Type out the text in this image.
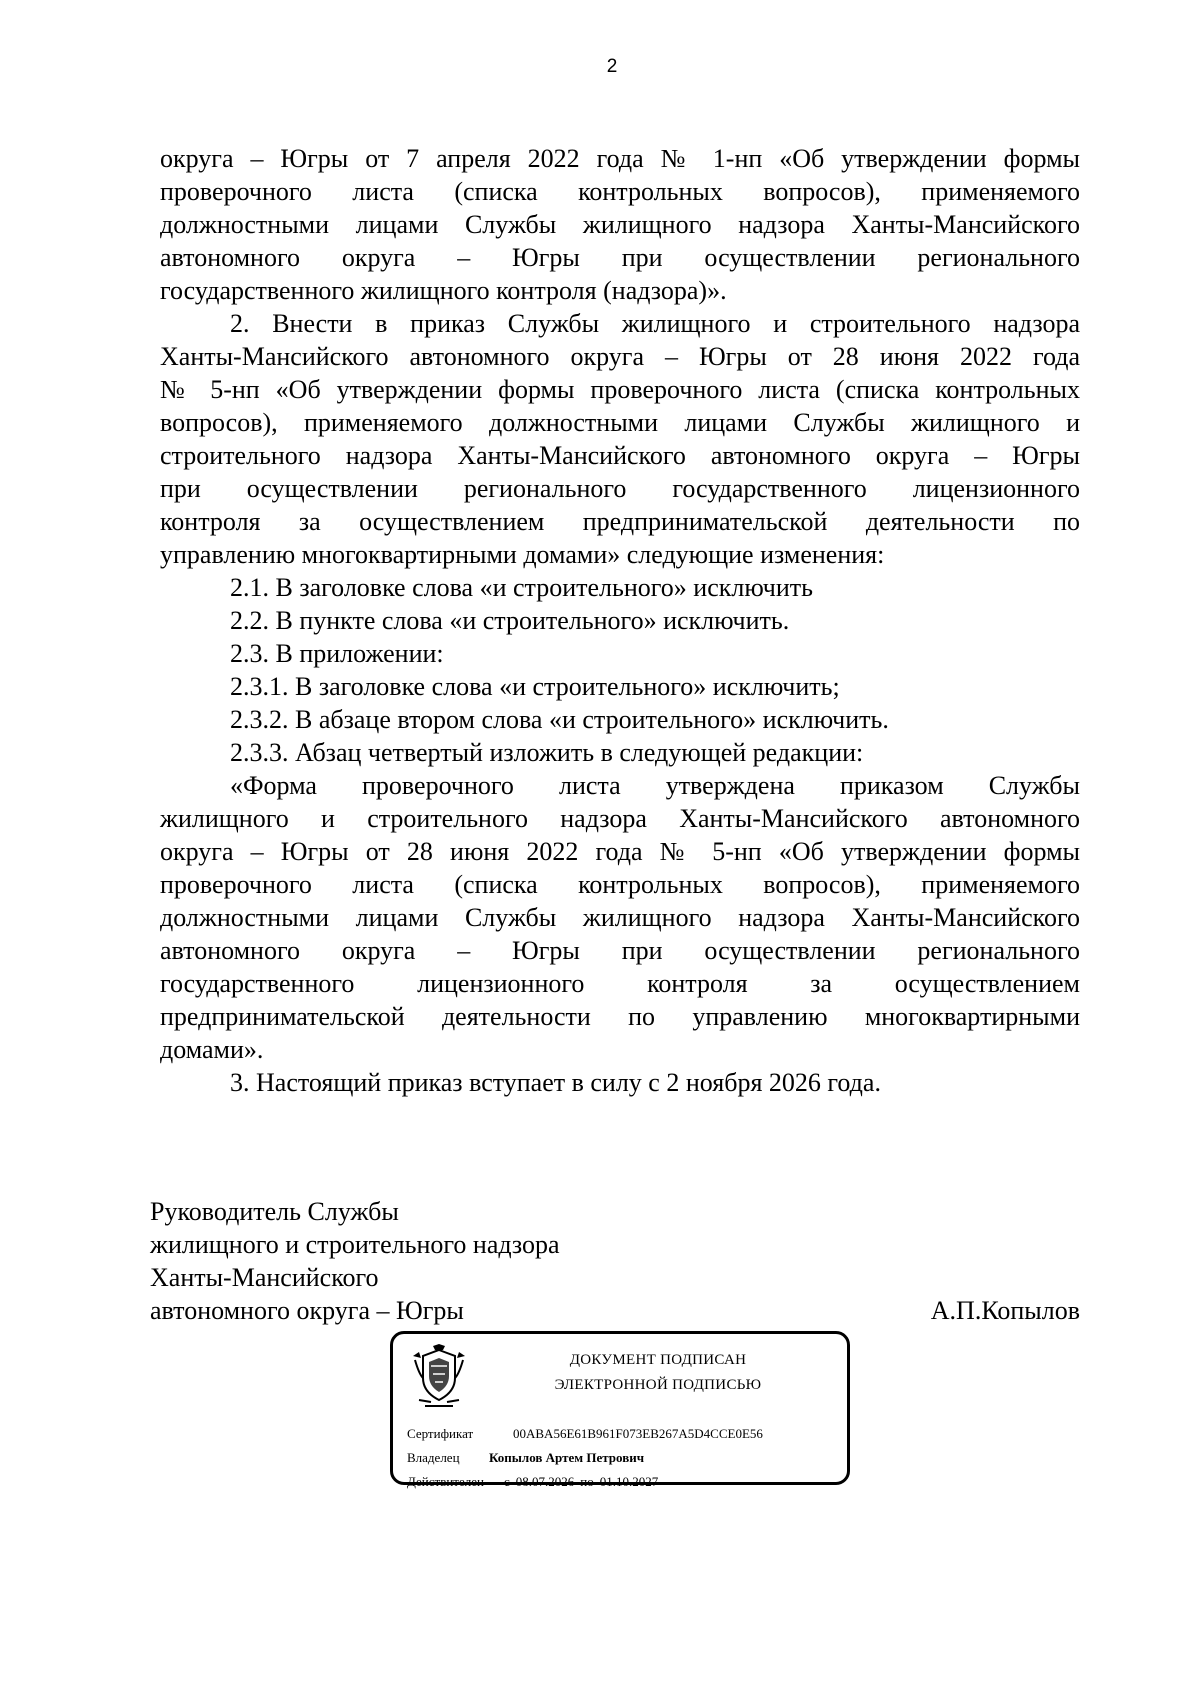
2
округа – Югры от 7 апреля 2022 года № 1-нп «Об утверждении формы
проверочного листа (списка контрольных вопросов), применяемого
должностными лицами Службы жилищного надзора Ханты-Мансийского
автономного округа – Югры при осуществлении регионального
государственного жилищного контроля (надзора)».
2. Внести в приказ Службы жилищного и строительного надзора
Ханты-Мансийского автономного округа – Югры от 28 июня 2022 года
№ 5-нп «Об утверждении формы проверочного листа (списка контрольных
вопросов), применяемого должностными лицами Службы жилищного и
строительного надзора Ханты-Мансийского автономного округа – Югры
при осуществлении регионального государственного лицензионного
контроля за осуществлением предпринимательской деятельности по
управлению многоквартирными домами» следующие изменения:
2.1. В заголовке слова «и строительного» исключить
2.2. В пункте слова «и строительного» исключить.
2.3. В приложении:
2.3.1. В заголовке слова «и строительного» исключить;
2.3.2. В абзаце втором слова «и строительного» исключить.
2.3.3. Абзац четвертый изложить в следующей редакции:
«Форма проверочного листа утверждена приказом Службы
жилищного и строительного надзора Ханты-Мансийского автономного
округа – Югры от 28 июня 2022 года № 5-нп «Об утверждении формы
проверочного листа (списка контрольных вопросов), применяемого
должностными лицами Службы жилищного надзора Ханты-Мансийского
автономного округа – Югры при осуществлении регионального
государственного лицензионного контроля за осуществлением
предпринимательской деятельности по управлению многоквартирными
домами».
3. Настоящий приказ вступает в силу с 2 ноября 2026 года.
Руководитель Службы
жилищного и строительного надзора
Ханты-Мансийского
автономного округа – Югры	А.П.Копылов
ДОКУМЕНТ ПОДПИСАН
ЭЛЕКТРОННОЙ ПОДПИСЬЮ
Сертификат	00ABA56E61B961F073EB267A5D4CCE0E56
Владелец Копылов Артем Петрович
Действителен с 08.07.2026 по 01.10.2027
